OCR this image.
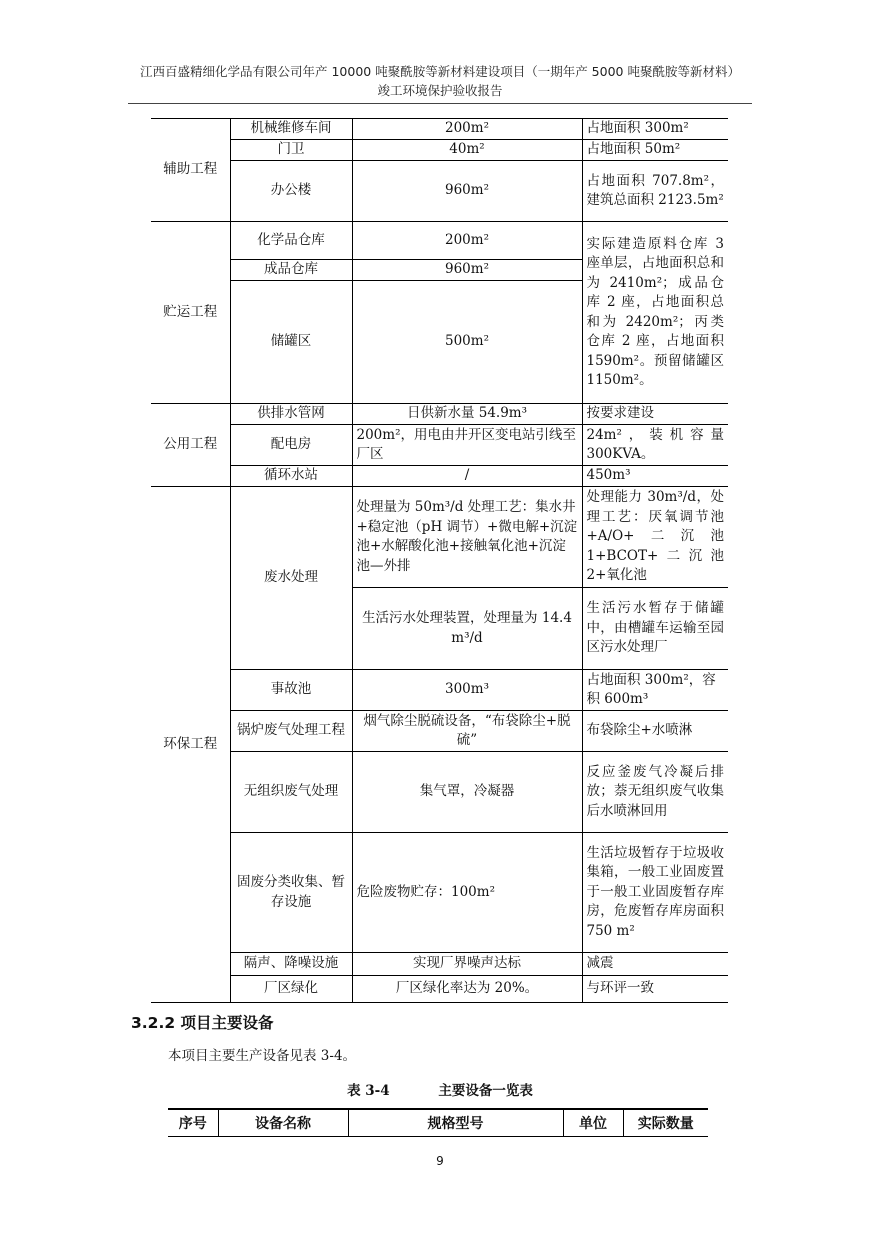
江西百盛精细化学品有限公司年产 10000 吨聚酰胺等新材料建设项目（一期年产 5000 吨聚酰胺等新材料）
竣工环境保护验收报告
辅助工程	机械维修车间	200m²	占地面积 300m²
	门卫	40m²	占地面积 50m²
	办公楼	960m²	占地面积 707.8m²，建筑总面积 2123.5m²
贮运工程	化学品仓库	200m²	实际建造原料仓库 3 座单层，占地面积总和为 2410m²；成品仓库 2 座，占地面积总和为 2420m²；丙类仓库 2 座，占地面积 1590m²。预留储罐区 1150m²。
	成品仓库	960m²	
	储罐区	500m²	
公用工程	供排水管网	日供新水量 54.9m³	按要求建设
	配电房	200m²，用电由井开区变电站引线至厂区	24m²，装机容量 300KVA。
	循环水站	/	450m³
环保工程	废水处理	处理量为 50m³/d 处理工艺：集水井+稳定池（pH 调节）+微电解+沉淀池+水解酸化池+接触氧化池+沉淀池—外排	处理能力 30m³/d，处理工艺：厌氧调节池+A/O+二沉池 1+BCOT+二沉池 2+氧化池
		生活污水处理装置，处理量为 14.4 m³/d	生活污水暂存于储罐中，由槽罐车运输至园区污水处理厂
	事故池	300m³	占地面积 300m²，容积 600m³
	锅炉废气处理工程	烟气除尘脱硫设备，“布袋除尘+脱硫”	布袋除尘+水喷淋
	无组织废气处理	集气罩，冷凝器	反应釜废气冷凝后排放；萘无组织废气收集后水喷淋回用
	固废分类收集、暂存设施	危险废物贮存：100m²	生活垃圾暂存于垃圾收集箱，一般工业固废置于一般工业固废暂存库房，危废暂存库房面积 750 m²
	隔声、降噪设施	实现厂界噪声达标	减震
	厂区绿化	厂区绿化率达为 20%。	与环评一致
3.2.2 项目主要设备
本项目主要生产设备见表 3-4。
表 3-4	主要设备一览表
序号	设备名称	规格型号	单位	实际数量
9
